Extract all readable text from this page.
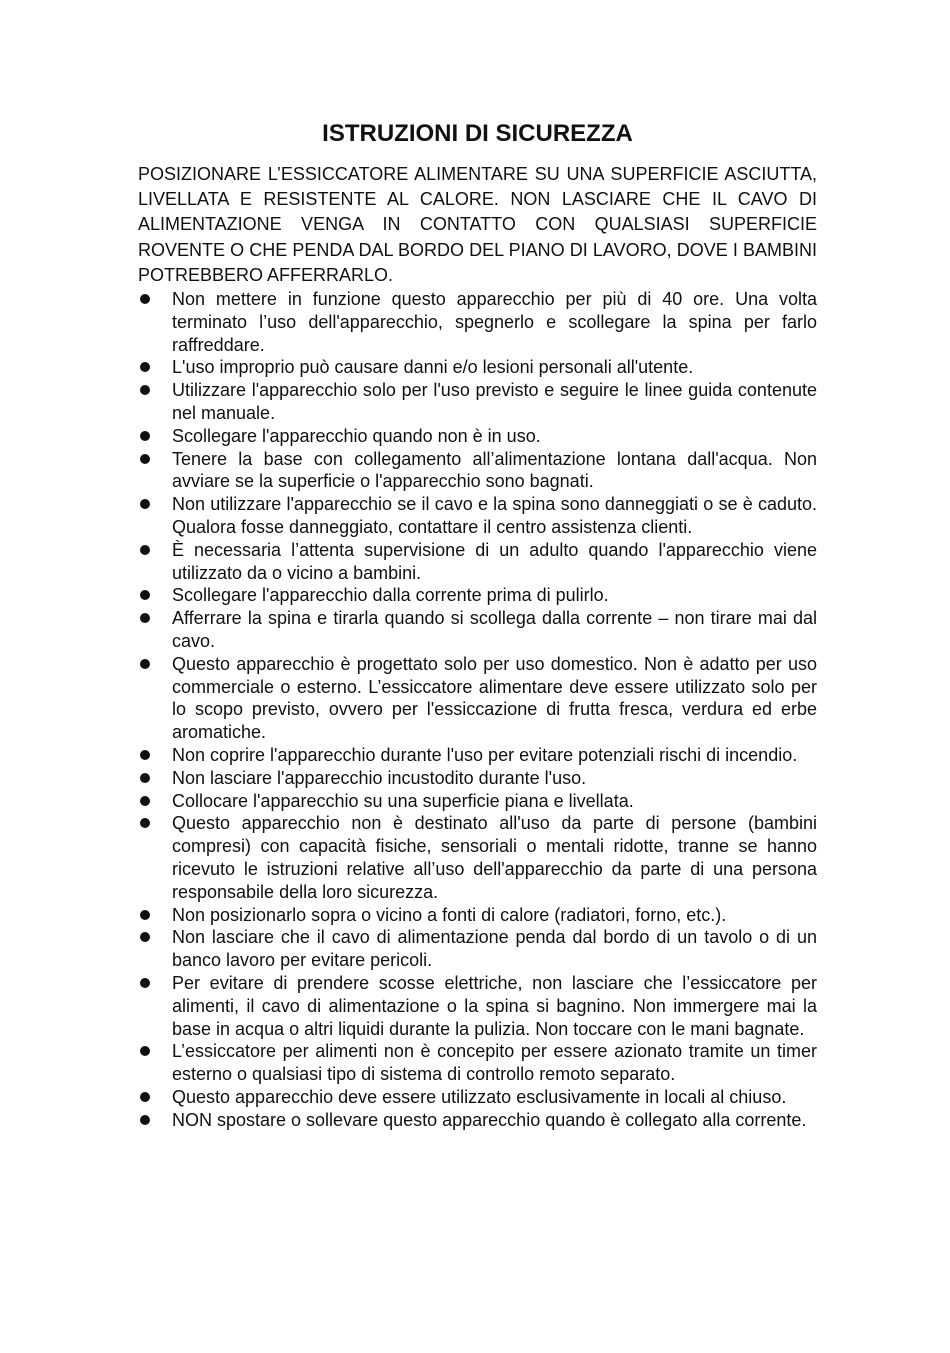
ISTRUZIONI DI SICUREZZA

POSIZIONARE L’ESSICCATORE ALIMENTARE SU UNA SUPERFICIE ASCIUTTA, LIVELLATA E RESISTENTE AL CALORE. NON LASCIARE CHE IL CAVO DI ALIMENTAZIONE VENGA IN CONTATTO CON QUALSIASI SUPERFICIE ROVENTE O CHE PENDA DAL BORDO DEL PIANO DI LAVORO, DOVE I BAMBINI POTREBBERO AFFERRARLO.

Non mettere in funzione questo apparecchio per più di 40 ore. Una volta terminato l’uso dell'apparecchio, spegnerlo e scollegare la spina per farlo raffreddare.
L'uso improprio può causare danni e/o lesioni personali all'utente.
Utilizzare l'apparecchio solo per l'uso previsto e seguire le linee guida contenute nel manuale.
Scollegare l'apparecchio quando non è in uso.
Tenere la base con collegamento all’alimentazione lontana dall'acqua. Non avviare se la superficie o l'apparecchio sono bagnati.
Non utilizzare l'apparecchio se il cavo e la spina sono danneggiati o se è caduto. Qualora fosse danneggiato, contattare il centro assistenza clienti.
È necessaria l’attenta supervisione di un adulto quando l'apparecchio viene utilizzato da o vicino a bambini.
Scollegare l'apparecchio dalla corrente prima di pulirlo.
Afferrare la spina e tirarla quando si scollega dalla corrente – non tirare mai dal cavo.
Questo apparecchio è progettato solo per uso domestico. Non è adatto per uso commerciale o esterno. L’essiccatore alimentare deve essere utilizzato solo per lo scopo previsto, ovvero per l'essiccazione di frutta fresca, verdura ed erbe aromatiche.
Non coprire l'apparecchio durante l'uso per evitare potenziali rischi di incendio.
Non lasciare l'apparecchio incustodito durante l'uso.
Collocare l'apparecchio su una superficie piana e livellata.
Questo apparecchio non è destinato all'uso da parte di persone (bambini compresi) con capacità fisiche, sensoriali o mentali ridotte, tranne se hanno ricevuto le istruzioni relative all’uso dell'apparecchio da parte di una persona responsabile della loro sicurezza.
Non posizionarlo sopra o vicino a fonti di calore (radiatori, forno, etc.).
Non lasciare che il cavo di alimentazione penda dal bordo di un tavolo o di un banco lavoro per evitare pericoli.
Per evitare di prendere scosse elettriche, non lasciare che l’essiccatore per alimenti, il cavo di alimentazione o la spina si bagnino. Non immergere mai la base in acqua o altri liquidi durante la pulizia. Non toccare con le mani bagnate.
L’essiccatore per alimenti non è concepito per essere azionato tramite un timer esterno o qualsiasi tipo di sistema di controllo remoto separato.
Questo apparecchio deve essere utilizzato esclusivamente in locali al chiuso.
NON spostare o sollevare questo apparecchio quando è collegato alla corrente.
